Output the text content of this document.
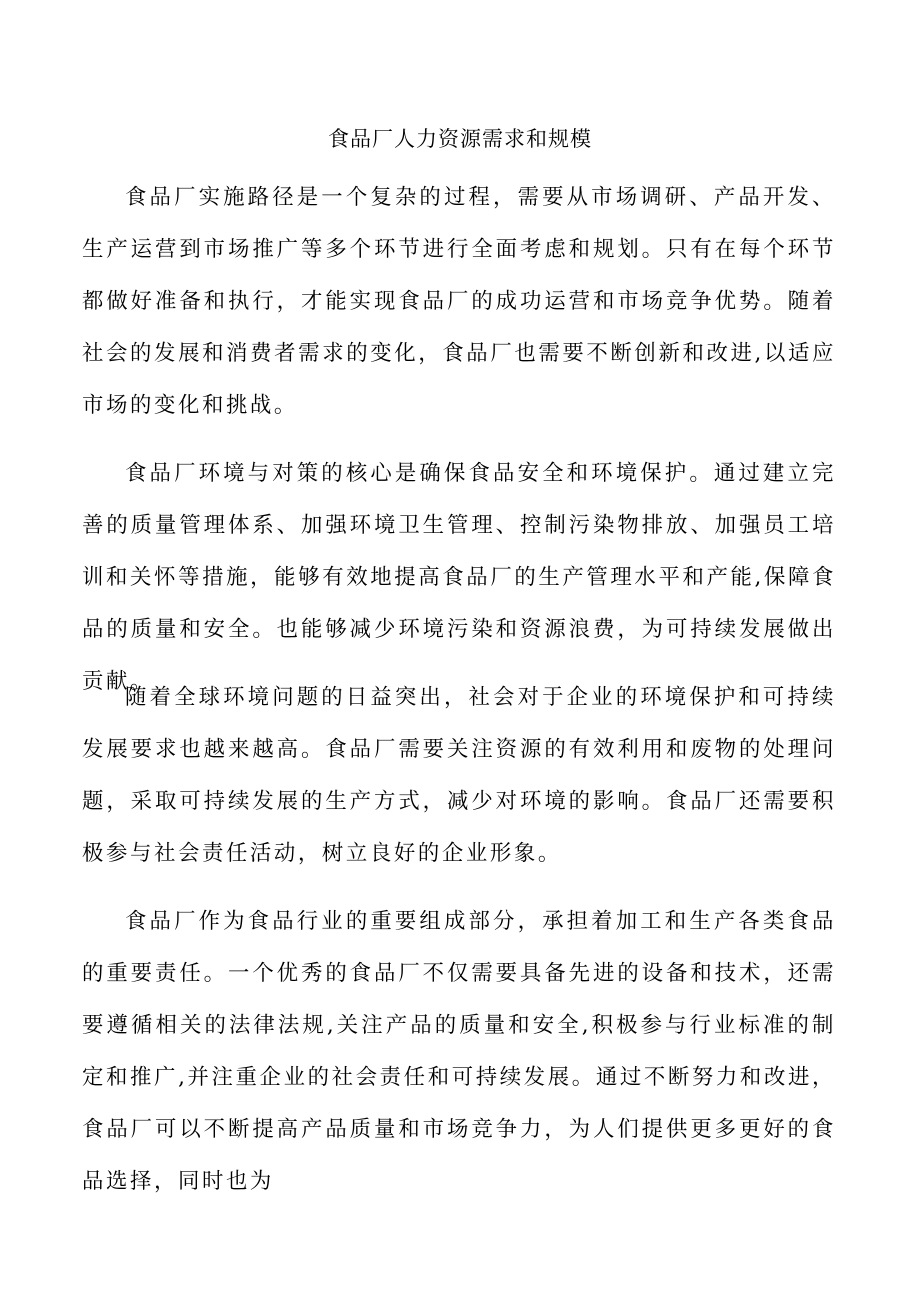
食品厂人力资源需求和规模

食品厂实施路径是一个复杂的过程，需要从市场调研、产品开发、生产运营到市场推广等多个环节进行全面考虑和规划。只有在每个环节都做好准备和执行，才能实现食品厂的成功运营和市场竞争优势。随着社会的发展和消费者需求的变化，食品厂也需要不断创新和改进,以适应市场的变化和挑战。

食品厂环境与对策的核心是确保食品安全和环境保护。通过建立完善的质量管理体系、加强环境卫生管理、控制污染物排放、加强员工培训和关怀等措施，能够有效地提高食品厂的生产管理水平和产能,保障食品的质量和安全。也能够减少环境污染和资源浪费，为可持续发展做出贡献。

随着全球环境问题的日益突出，社会对于企业的环境保护和可持续发展要求也越来越高。食品厂需要关注资源的有效利用和废物的处理问题，采取可持续发展的生产方式，减少对环境的影响。食品厂还需要积极参与社会责任活动，树立良好的企业形象。

食品厂作为食品行业的重要组成部分，承担着加工和生产各类食品的重要责任。一个优秀的食品厂不仅需要具备先进的设备和技术，还需要遵循相关的法律法规,关注产品的质量和安全,积极参与行业标准的制定和推广,并注重企业的社会责任和可持续发展。通过不断努力和改进，食品厂可以不断提高产品质量和市场竞争力，为人们提供更多更好的食品选择，同时也为
